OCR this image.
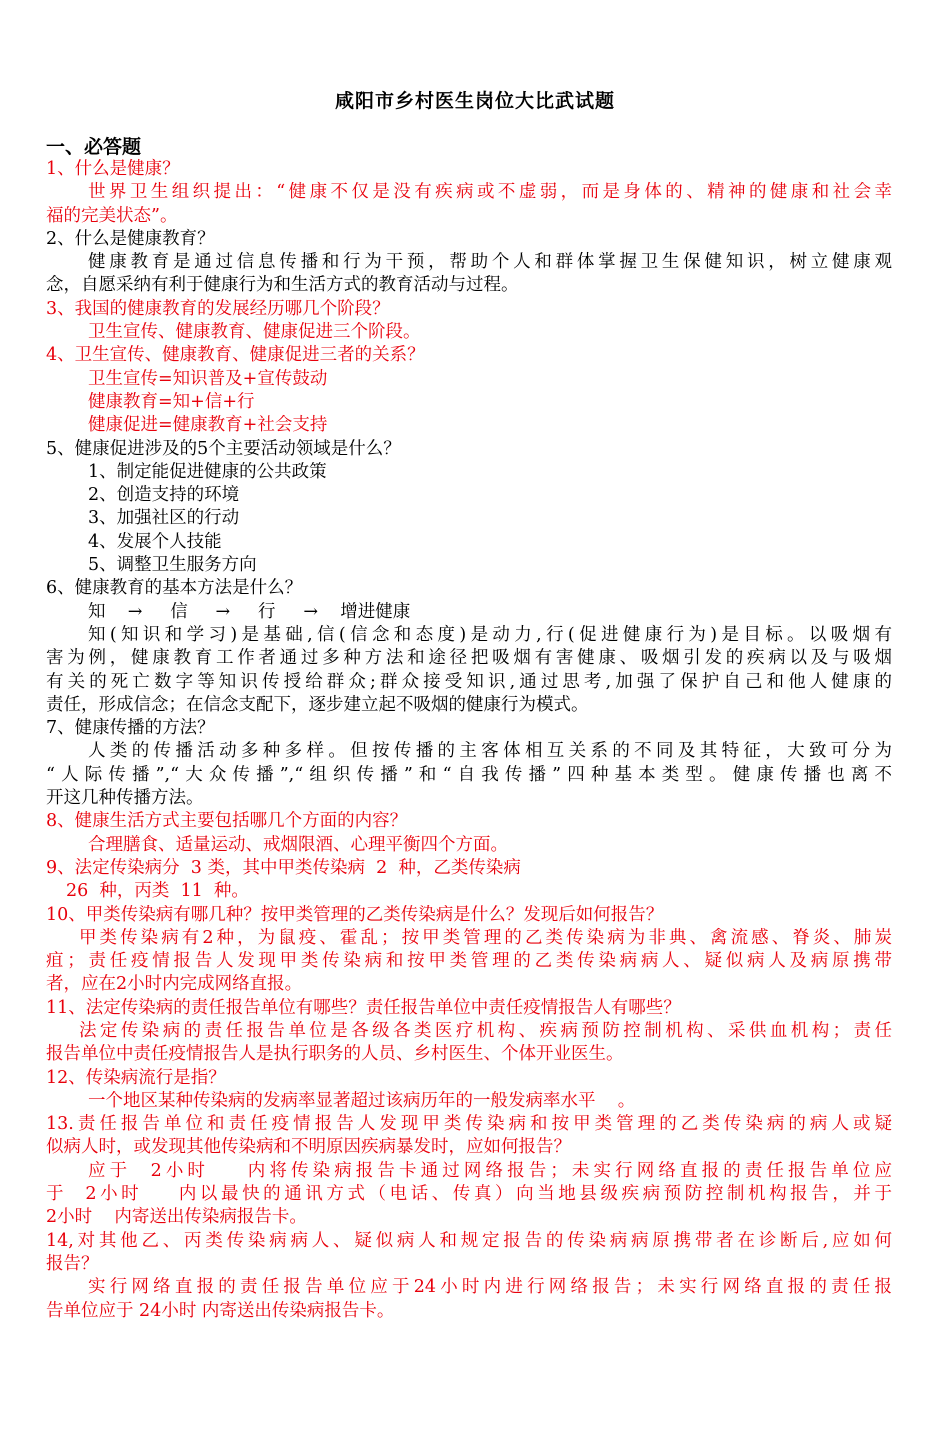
咸阳市乡村医生岗位大比武试题
一、必答题
1、什么是健康？
世界卫生组织提出：“健康不仅是没有疾病或不虚弱，而是身体的、精神的健康和社会幸
福的完美状态”。
2、什么是健康教育？
健康教育是通过信息传播和行为干预，帮助个人和群体掌握卫生保健知识，树立健康观
念，自愿采纳有利于健康行为和生活方式的教育活动与过程。
3、我国的健康教育的发展经历哪几个阶段？
卫生宣传、健康教育、健康促进三个阶段。
4、卫生宣传、健康教育、健康促进三者的关系？
卫生宣传=知识普及+宣传鼓动
健康教育=知+信+行
健康促进=健康教育+社会支持
5、健康促进涉及的5个主要活动领域是什么？
1、制定能促进健康的公共政策
2、创造支持的环境
3、加强社区的行动
4、发展个人技能
5、调整卫生服务方向
6、健康教育的基本方法是什么？
知    →     信     →     行     →    增进健康
知(知识和学习)是基础,信(信念和态度)是动力,行(促进健康行为)是目标。以吸烟有
害为例，健康教育工作者通过多种方法和途径把吸烟有害健康、吸烟引发的疾病以及与吸烟
有关的死亡数字等知识传授给群众;群众接受知识,通过思考,加强了保护自己和他人健康的
责任，形成信念；在信念支配下，逐步建立起不吸烟的健康行为模式。
7、健康传播的方法？
人类的传播活动多种多样。但按传播的主客体相互关系的不同及其特征，大致可分为
“人际传播”,“大众传播”,“组织传播”和“自我传播”四种基本类型。健康传播也离不
开这几种传播方法。
8、健康生活方式主要包括哪几个方面的内容？
合理膳食、适量运动、戒烟限酒、心理平衡四个方面。
9、法定传染病分  3 类，其中甲类传染病  2  种，乙类传染病
26  种，丙类  11  种。
10、甲类传染病有哪几种？按甲类管理的乙类传染病是什么？发现后如何报告？
甲类传染病有2种，为鼠疫、霍乱；按甲类管理的乙类传染病为非典、禽流感、脊炎、肺炭
疽；责任疫情报告人发现甲类传染病和按甲类管理的乙类传染病病人、疑似病人及病原携带
者，应在2小时内完成网络直报。
11、法定传染病的责任报告单位有哪些？责任报告单位中责任疫情报告人有哪些？
法定传染病的责任报告单位是各级各类医疗机构、疾病预防控制机构、采供血机构；责任
报告单位中责任疫情报告人是执行职务的人员、乡村医生、个体开业医生。
12、传染病流行是指？
一个地区某种传染病的发病率显著超过该病历年的一般发病率水平    。
13.责任报告单位和责任疫情报告人发现甲类传染病和按甲类管理的乙类传染病的病人或疑
似病人时，或发现其他传染病和不明原因疾病暴发时，应如何报告？
应于  2小时    内将传染病报告卡通过网络报告；未实行网络直报的责任报告单位应
于  2小时    内以最快的通讯方式（电话、传真）向当地县级疾病预防控制机构报告，并于
2小时    内寄送出传染病报告卡。
14,对其他乙、丙类传染病病人、疑似病人和规定报告的传染病病原携带者在诊断后,应如何
报告？
实行网络直报的责任报告单位应于24小时内进行网络报告；未实行网络直报的责任报
告单位应于 24小时 内寄送出传染病报告卡。
